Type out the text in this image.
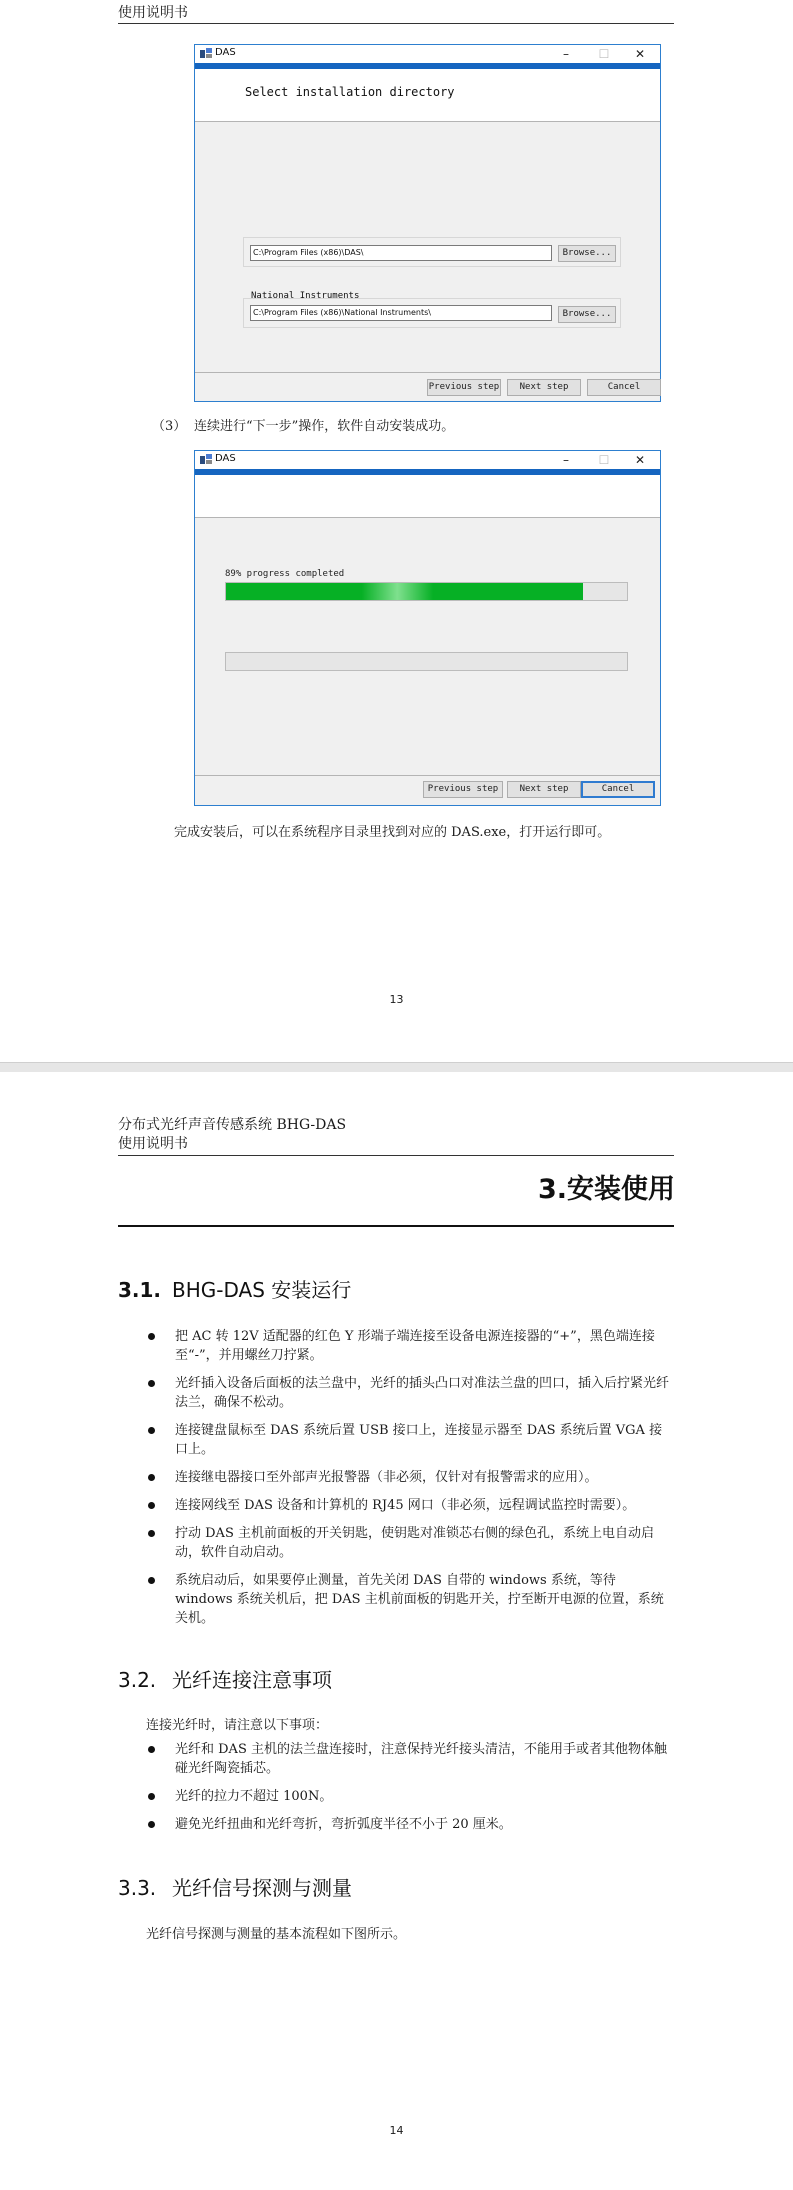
使用说明书
DAS	–	☐	✕
Select installation directory
C:\Program Files (x86)\DAS\	Browse...
National Instruments
C:\Program Files (x86)\National Instruments\	Browse...
Previous step	Next step	Cancel
（3） 连续进行“下一步”操作，软件自动安装成功。
DAS	–	☐	✕
89% progress completed
Previous step	Next step	Cancel
完成安装后，可以在系统程序目录里找到对应的 DAS.exe，打开运行即可。
13
分布式光纤声音传感系统 BHG-DAS
使用说明书
3.安装使用
3.1. BHG-DAS 安装运行
把 AC 转 12V 适配器的红色 Y 形端子端连接至设备电源连接器的“+”，黑色端连接至“-”，并用螺丝刀拧紧。
光纤插入设备后面板的法兰盘中，光纤的插头凸口对准法兰盘的凹口，插入后拧紧光纤法兰，确保不松动。
连接键盘鼠标至 DAS 系统后置 USB 接口上，连接显示器至 DAS 系统后置 VGA 接口上。
连接继电器接口至外部声光报警器（非必须，仅针对有报警需求的应用）。
连接网线至 DAS 设备和计算机的 RJ45 网口（非必须，远程调试监控时需要）。
拧动 DAS 主机前面板的开关钥匙，使钥匙对准锁芯右侧的绿色孔，系统上电自动启动，软件自动启动。
系统启动后，如果要停止测量，首先关闭 DAS 自带的 windows 系统，等待 windows 系统关机后，把 DAS 主机前面板的钥匙开关，拧至断开电源的位置，系统关机。
3.2. 光纤连接注意事项
连接光纤时，请注意以下事项：
光纤和 DAS 主机的法兰盘连接时，注意保持光纤接头清洁，不能用手或者其他物体触碰光纤陶瓷插芯。
光纤的拉力不超过 100N。
避免光纤扭曲和光纤弯折，弯折弧度半径不小于 20 厘米。
3.3. 光纤信号探测与测量
光纤信号探测与测量的基本流程如下图所示。
14
